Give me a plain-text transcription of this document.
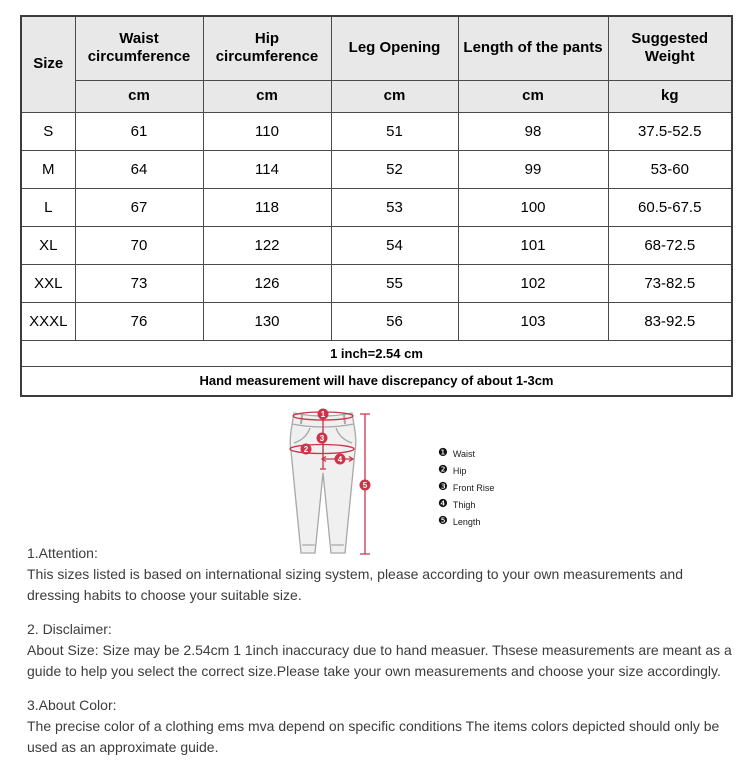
Size	Waist circumference	Hip circumference	Leg Opening	Length of the pants	Suggested Weight
	cm	cm	cm	cm	kg
S	61	110	51	98	37.5-52.5
M	64	114	52	99	53-60
L	67	118	53	100	60.5-67.5
XL	70	122	54	101	68-72.5
XXL	73	126	55	102	73-82.5
XXXL	76	130	56	103	83-92.5
1 inch=2.54 cm					
Hand measurement will have discrepancy of about 1-3cm					
1
2
3
4
5
❶ Waist
❷ Hip
❸ Front Rise
❹ Thigh
❺ Length

1.Attention:

This sizes listed is based on international sizing system, please according to your own measurements and dressing habits to choose your suitable size.

2. Disclaimer:

About Size: Size may be 2.54cm 1 1inch inaccuracy due to hand measuer. Thsese measurements are meant as a guide to help you select the correct size.Please take your own measurements and choose your size accordingly.

3.About Color:

The precise color of a clothing ems mva depend on specific conditions The items colors depicted should only be   used as an approximate guide.
